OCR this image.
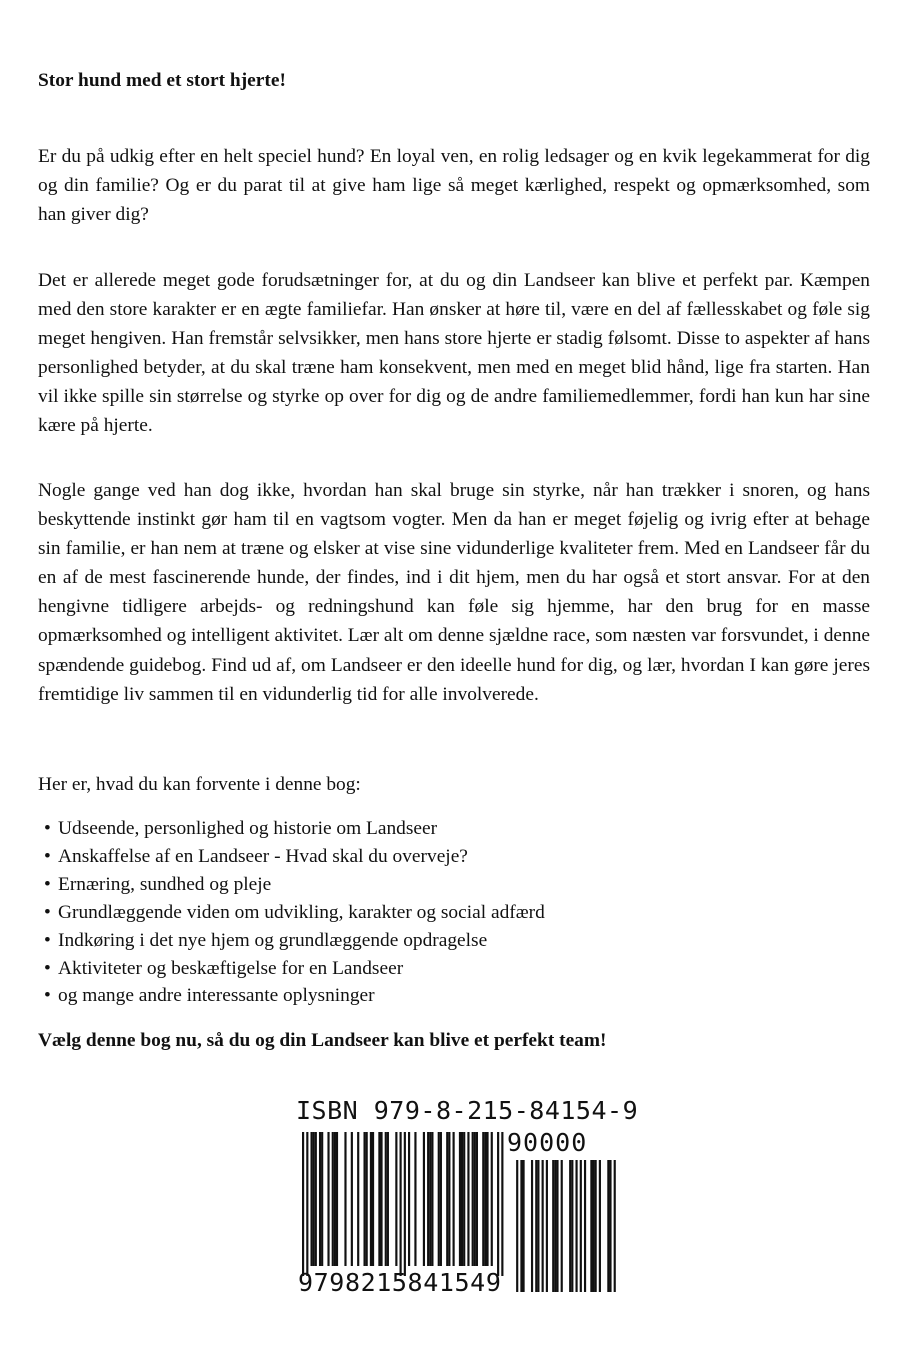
Stor hund med et stort hjerte!

Er du på udkig efter en helt speciel hund? En loyal ven, en rolig ledsager og en kvik legekammerat for dig og din familie? Og er du parat til at give ham lige så meget kærlighed, respekt og opmærksomhed, som han giver dig?

Det er allerede meget gode forudsætninger for, at du og din Landseer kan blive et perfekt par. Kæmpen med den store karakter er en ægte familiefar. Han ønsker at høre til, være en del af fællesskabet og føle sig meget hengiven. Han fremstår selvsikker, men hans store hjerte er stadig følsomt. Disse to aspekter af hans personlighed betyder, at du skal træne ham konsekvent, men med en meget blid hånd, lige fra starten. Han vil ikke spille sin størrelse og styrke op over for dig og de andre familiemedlemmer, fordi han kun har sine kære på hjerte.

Nogle gange ved han dog ikke, hvordan han skal bruge sin styrke, når han trækker i snoren, og hans beskyttende instinkt gør ham til en vagtsom vogter. Men da han er meget føjelig og ivrig efter at behage sin familie, er han nem at træne og elsker at vise sine vidunderlige kvaliteter frem. Med en Landseer får du en af de mest fascinerende hunde, der findes, ind i dit hjem, men du har også et stort ansvar. For at den hengivne tidligere arbejds- og redningshund kan føle sig hjemme, har den brug for en masse opmærksomhed og intelligent aktivitet. Lær alt om denne sjældne race, som næsten var forsvundet, i denne spændende guidebog. Find ud af, om Landseer er den ideelle hund for dig, og lær, hvordan I kan gøre jeres fremtidige liv sammen til en vidunderlig tid for alle involverede.

Her er, hvad du kan forvente i denne bog:

• Udseende, personlighed og historie om Landseer
• Anskaffelse af en Landseer - Hvad skal du overveje?
• Ernæring, sundhed og pleje
• Grundlæggende viden om udvikling, karakter og social adfærd
• Indkøring i det nye hjem og grundlæggende opdragelse
• Aktiviteter og beskæftigelse for en Landseer
• og mange andre interessante oplysninger

Vælg denne bog nu, så du og din Landseer kan blive et perfekt team!

ISBN 979-8-215-84154-9
90000
9798215841549
